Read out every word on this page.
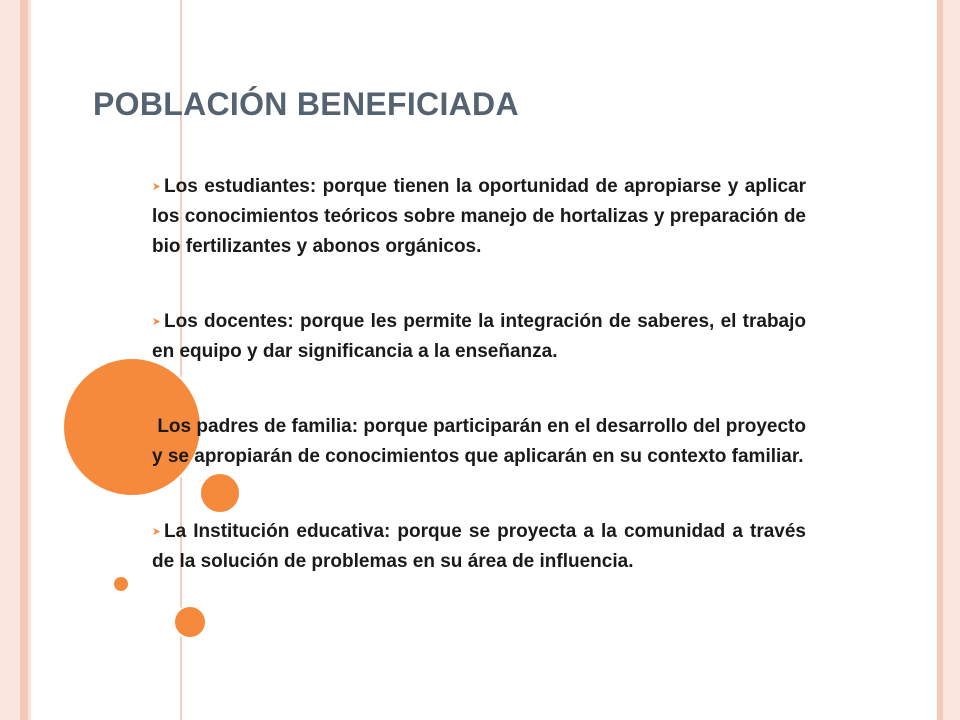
POBLACIÓN BENEFICIADA

Los estudiantes: porque tienen la oportunidad de apropiarse y aplicar los conocimientos teóricos sobre manejo de hortalizas y preparación de bio fertilizantes y abonos orgánicos.

Los docentes: porque les permite la integración de saberes, el trabajo en equipo y dar significancia a la enseñanza.

Los padres de familia: porque participarán en el desarrollo del proyecto y se apropiarán de conocimientos que aplicarán en su contexto familiar.

La Institución educativa: porque se proyecta a la comunidad a través de la solución de problemas en su área de influencia.
